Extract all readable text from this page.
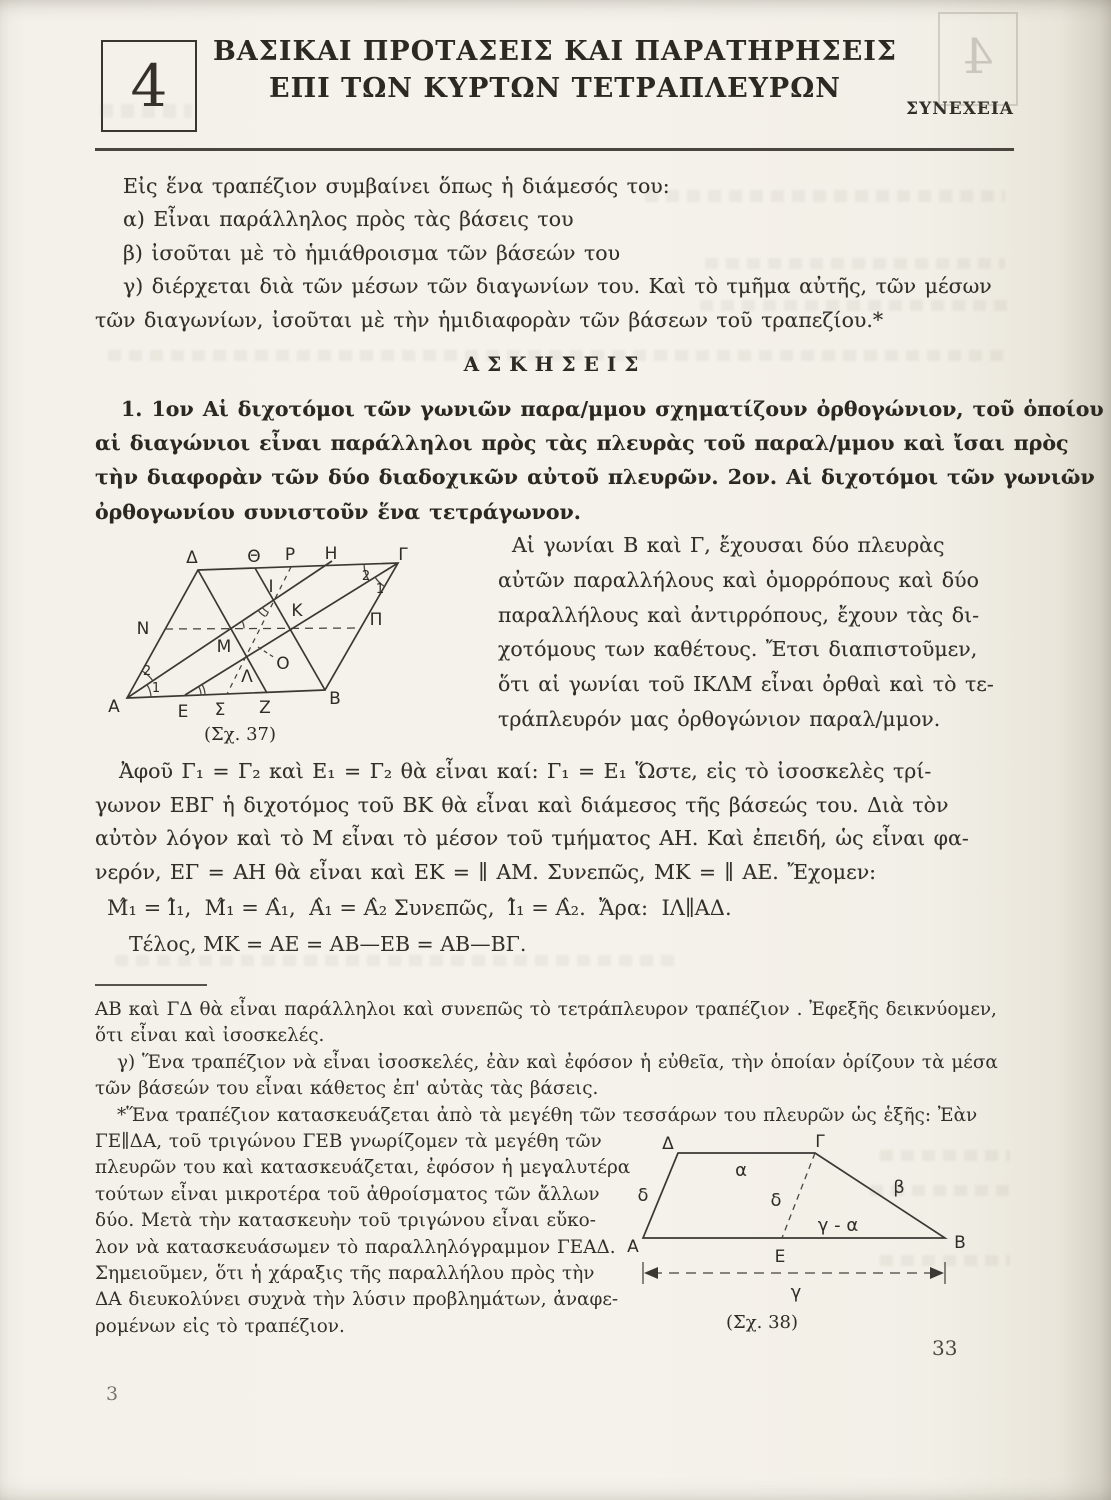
4
ΒΑΣΙΚΑΙ ΠΡΟΤΑΣΕΙΣ ΚΑΙ ΠΑΡΑΤΗΡΗΣΕΙΣ
ΕΠΙ ΤΩΝ ΚΥΡΤΩΝ ΤΕΤΡΑΠΛΕΥΡΩΝ
ΣΥΝΕΧΕΙΑ
4
Εἰς ἕνα τραπέζιον συμβαίνει ὅπως ἡ διάμεσός του:
α) Εἶναι παράλληλος πρὸς τὰς βάσεις του
β) ἰσοῦται μὲ τὸ ἡμιάθροισμα τῶν βάσεών του
γ) διέρχεται διὰ τῶν μέσων τῶν διαγωνίων του. Καὶ τὸ τμῆμα αὐτῆς, τῶν μέσων
τῶν διαγωνίων, ἰσοῦται μὲ τὴν ἡμιδιαφορὰν τῶν βάσεων τοῦ τραπεζίου.*
ΑΣΚΗΣΕΙΣ
1. 1ον Αἱ διχοτόμοι τῶν γωνιῶν παρα/μμου σχηματίζουν ὀρθογώνιον, τοῦ ὁποίου
αἱ διαγώνιοι εἶναι παράλληλοι πρὸς τὰς πλευρὰς τοῦ παραλ/μμου καὶ ἴσαι πρὸς
τὴν διαφορὰν τῶν δύο διαδοχικῶν αὐτοῦ πλευρῶν. 2ον. Αἱ διχοτόμοι τῶν γωνιῶν
ὀρθογωνίου συνιστοῦν ἕνα τετράγωνον.
Δ	Θ Ρ Η	Γ
Ν	Π
Α	Ε Σ Ζ	Β
Μ
Ι
Κ
Λ
Ο
2
1
2
1
(Σχ. 37)
Αἱ γωνίαι Β καὶ Γ, ἔχουσαι δύο πλευρὰς
αὐτῶν παραλλήλους καὶ ὁμορρόπους καὶ δύο
παραλλήλους καὶ ἀντιρρόπους, ἔχουν τὰς δι-
χοτόμους των καθέτους. Ἔτσι διαπιστοῦμεν,
ὅτι αἱ γωνίαι τοῦ ΙΚΛΜ εἶναι ὀρθαὶ καὶ τὸ τε-
τράπλευρόν μας ὀρθογώνιον παραλ/μμον.
Ἀφοῦ Γ₁ = Γ₂ καὶ Ε₁ = Γ₂ θὰ εἶναι καί: Γ₁ = Ε₁ Ὥστε, εἰς τὸ ἰσοσκελὲς τρί-
γωνον ΕΒΓ ἡ διχοτόμος τοῦ ΒΚ θὰ εἶναι καὶ διάμεσος τῆς βάσεώς του. Διὰ τὸν
αὐτὸν λόγον καὶ τὸ Μ εἶναι τὸ μέσον τοῦ τμήματος ΑΗ. Καὶ ἐπειδή, ὡς εἶναι φα-
νερόν, ΕΓ = ΑΗ θὰ εἶναι καὶ ΕΚ = ∥ ΑΜ. Συνεπῶς, ΜΚ = ∥ ΑΕ. Ἔχομεν:
Μ̂₁ = Ι̂₁,  Μ̂₁ = Α̂₁,  Α̂₁ = Α̂₂ Συνεπῶς,  Ι̂₁ = Α̂₂.  Ἄρα:  ΙΛ∥ΑΔ.
Τέλος, ΜΚ = ΑΕ = ΑΒ—ΕΒ = ΑΒ—ΒΓ.
ΑΒ καὶ ΓΔ θὰ εἶναι παράλληλοι καὶ συνεπῶς τὸ τετράπλευρον τραπέζιον . Ἐφεξῆς δεικνύομεν,
ὅτι εἶναι καὶ ἰσοσκελές.
γ) Ἕνα τραπέζιον νὰ εἶναι ἰσοσκελές, ἐὰν καὶ ἐφόσον ἡ εὐθεῖα, τὴν ὁποίαν ὁρίζουν τὰ μέσα
τῶν βάσεών του εἶναι κάθετος ἐπ' αὐτὰς τὰς βάσεις.
*Ἕνα τραπέζιον κατασκευάζεται ἀπὸ τὰ μεγέθη τῶν τεσσάρων του πλευρῶν ὡς ἑξῆς: Ἐὰν
ΓΕ∥ΔΑ, τοῦ τριγώνου ΓΕΒ γνωρίζομεν τὰ μεγέθη τῶν
πλευρῶν του καὶ κατασκευάζεται, ἐφόσον ἡ μεγαλυτέρα
τούτων εἶναι μικροτέρα τοῦ ἀθροίσματος τῶν ἄλλων
δύο. Μετὰ τὴν κατασκευὴν τοῦ τριγώνου εἶναι εὔκο-
λον νὰ κατασκευάσωμεν τὸ παραλληλόγραμμον ΓΕΑΔ.
Σημειοῦμεν, ὅτι ἡ χάραξις τῆς παραλλήλου πρὸς τὴν
ΔΑ διευκολύνει συχνὰ τὴν λύσιν προβλημάτων, ἀναφε-
ρομένων εἰς τὸ τραπέζιον.
Δ	Γ
Α	Β
Ε
α
δ	δ
β
γ - α
γ
(Σχ. 38)
33
3
